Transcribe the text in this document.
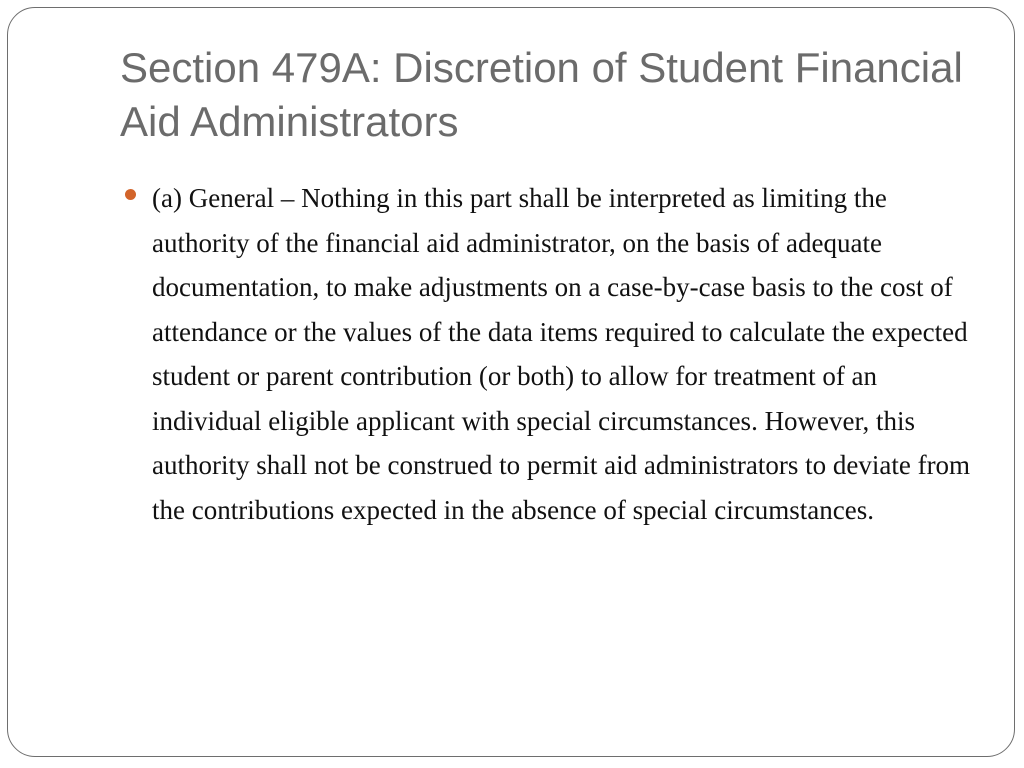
Section 479A: Discretion of Student Financial Aid Administrators
(a) General – Nothing in this part shall be interpreted as limiting the authority of the financial aid administrator, on the basis of adequate documentation, to make adjustments on a case-by-case basis to the cost of attendance or the values of the data items required to calculate the expected student or parent contribution (or both) to allow for treatment of an individual eligible applicant with special circumstances. However, this authority shall not be construed to permit aid administrators to deviate from the contributions expected in the absence of special circumstances.
